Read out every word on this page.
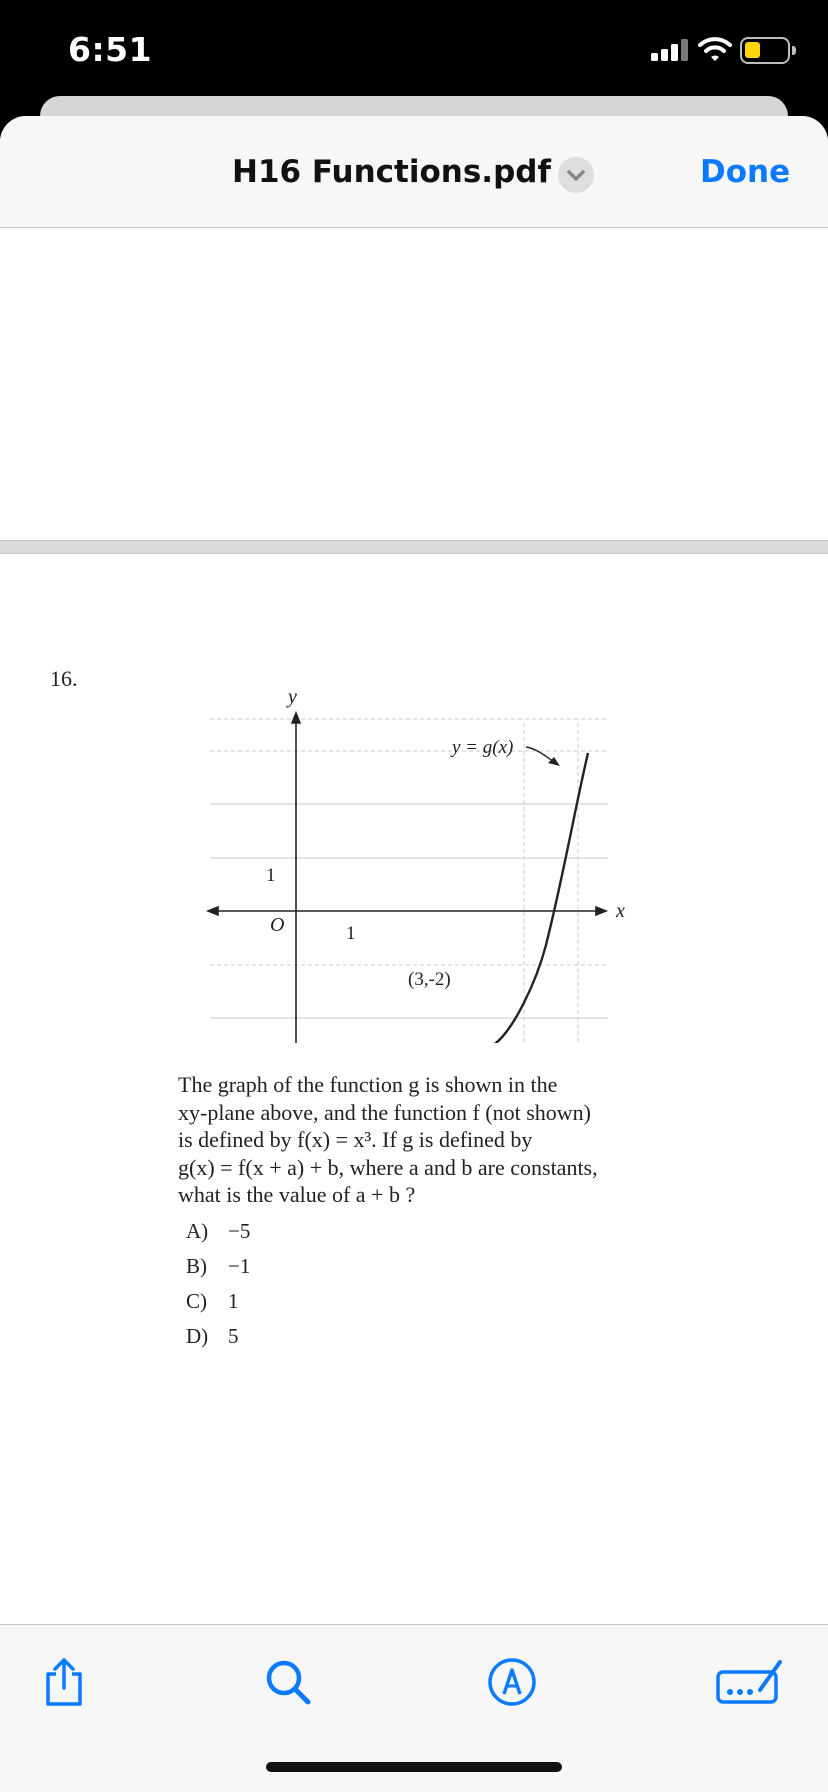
6:51
H16 Functions.pdf	Done
16.
y
x
O
1
1
y = g(x)
(3,-2)
The graph of the function g is shown in the
xy-plane above, and the function f (not shown)
is defined by f(x) = x³. If g is defined by
g(x) = f(x + a) + b, where a and b are constants,
what is the value of a + b ?
A) −5
B)	−1
C)	1
D) 5
